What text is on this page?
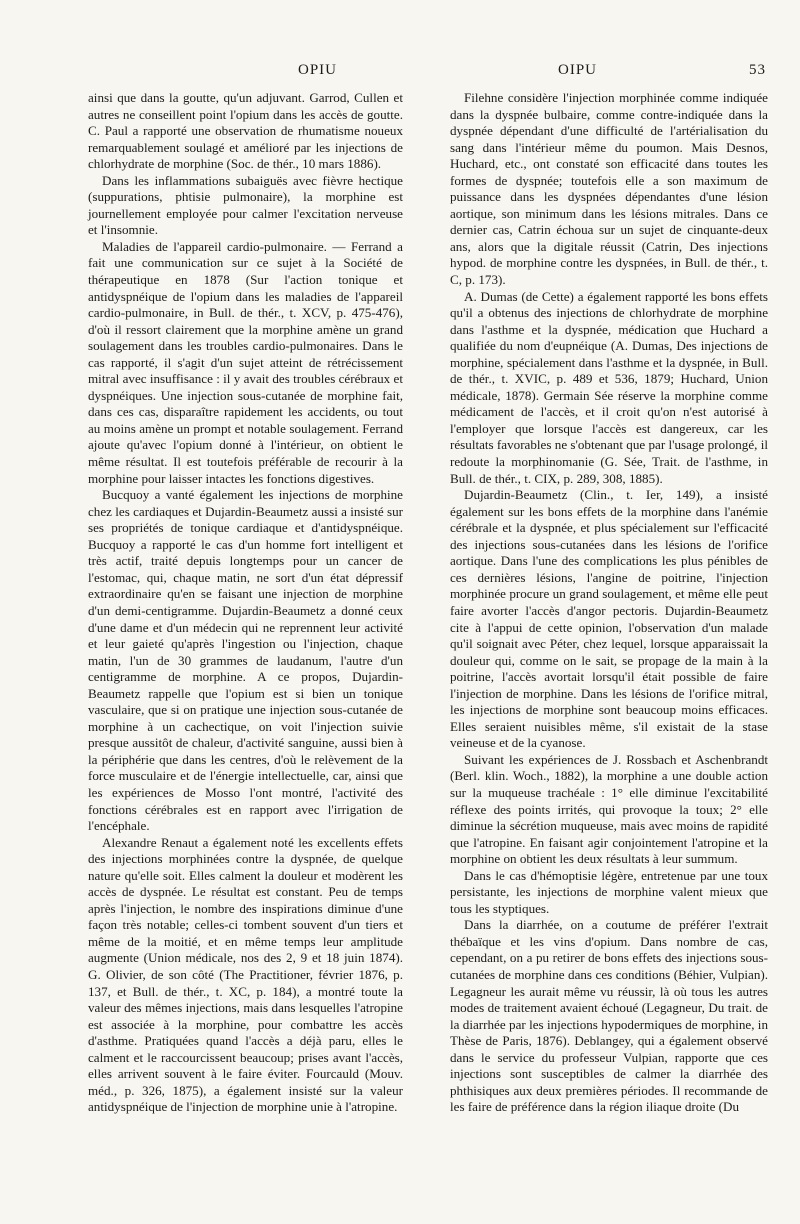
OPIU	OIPU	53

ainsi que dans la goutte, qu'un adjuvant. Garrod, Cullen et autres ne conseillent point l'opium dans les accès de goutte. C. Paul a rapporté une observation de rhumatisme noueux remarquablement soulagé et amélioré par les injections de chlorhydrate de morphine (Soc. de thér., 10 mars 1886).

Dans les inflammations subaiguës avec fièvre hectique (suppurations, phtisie pulmonaire), la morphine est journellement employée pour calmer l'excitation nerveuse et l'insomnie.

Maladies de l'appareil cardio-pulmonaire. — Ferrand a fait une communication sur ce sujet à la Société de thérapeutique en 1878 (Sur l'action tonique et antidyspnéique de l'opium dans les maladies de l'appareil cardio-pulmonaire, in Bull. de thér., t. XCV, p. 475-476), d'où il ressort clairement que la morphine amène un grand soulagement dans les troubles cardio-pulmonaires. Dans le cas rapporté, il s'agit d'un sujet atteint de rétrécissement mitral avec insuffisance : il y avait des troubles cérébraux et dyspnéiques. Une injection sous-cutanée de morphine fait, dans ces cas, disparaître rapidement les accidents, ou tout au moins amène un prompt et notable soulagement. Ferrand ajoute qu'avec l'opium donné à l'intérieur, on obtient le même résultat. Il est toutefois préférable de recourir à la morphine pour laisser intactes les fonctions digestives.

Bucquoy a vanté également les injections de morphine chez les cardiaques et Dujardin-Beaumetz aussi a insisté sur ses propriétés de tonique cardiaque et d'antidyspnéique. Bucquoy a rapporté le cas d'un homme fort intelligent et très actif, traité depuis longtemps pour un cancer de l'estomac, qui, chaque matin, ne sort d'un état dépressif extraordinaire qu'en se faisant une injection de morphine d'un demi-centigramme. Dujardin-Beaumetz a donné ceux d'une dame et d'un médecin qui ne reprennent leur activité et leur gaieté qu'après l'ingestion ou l'injection, chaque matin, l'un de 30 grammes de laudanum, l'autre d'un centigramme de morphine. A ce propos, Dujardin-Beaumetz rappelle que l'opium est si bien un tonique vasculaire, que si on pratique une injection sous-cutanée de morphine à un cachectique, on voit l'injection suivie presque aussitôt de chaleur, d'activité sanguine, aussi bien à la périphérie que dans les centres, d'où le relèvement de la force musculaire et de l'énergie intellectuelle, car, ainsi que les expériences de Mosso l'ont montré, l'activité des fonctions cérébrales est en rapport avec l'irrigation de l'encéphale.

Alexandre Renaut a également noté les excellents effets des injections morphinées contre la dyspnée, de quelque nature qu'elle soit. Elles calment la douleur et modèrent les accès de dyspnée. Le résultat est constant. Peu de temps après l'injection, le nombre des inspirations diminue d'une façon très notable; celles-ci tombent souvent d'un tiers et même de la moitié, et en même temps leur amplitude augmente (Union médicale, nos des 2, 9 et 18 juin 1874). G. Olivier, de son côté (The Practitioner, février 1876, p. 137, et Bull. de thér., t. XC, p. 184), a montré toute la valeur des mêmes injections, mais dans lesquelles l'atropine est associée à la morphine, pour combattre les accès d'asthme. Pratiquées quand l'accès a déjà paru, elles le calment et le raccourcissent beaucoup; prises avant l'accès, elles arrivent souvent à le faire éviter. Fourcauld (Mouv. méd., p. 326, 1875), a également insisté sur la valeur antidyspnéique de l'injection de morphine unie à l'atropine.

Filehne considère l'injection morphinée comme indiquée dans la dyspnée bulbaire, comme contre-indiquée dans la dyspnée dépendant d'une difficulté de l'artérialisation du sang dans l'intérieur même du poumon. Mais Desnos, Huchard, etc., ont constaté son efficacité dans toutes les formes de dyspnée; toutefois elle a son maximum de puissance dans les dyspnées dépendantes d'une lésion aortique, son minimum dans les lésions mitrales. Dans ce dernier cas, Catrin échoua sur un sujet de cinquante-deux ans, alors que la digitale réussit (Catrin, Des injections hypod. de morphine contre les dyspnées, in Bull. de thér., t. C, p. 173).

A. Dumas (de Cette) a également rapporté les bons effets qu'il a obtenus des injections de chlorhydrate de morphine dans l'asthme et la dyspnée, médication que Huchard a qualifiée du nom d'eupnéique (A. Dumas, Des injections de morphine, spécialement dans l'asthme et la dyspnée, in Bull. de thér., t. XVIC, p. 489 et 536, 1879; Huchard, Union médicale, 1878). Germain Sée réserve la morphine comme médicament de l'accès, et il croit qu'on n'est autorisé à l'employer que lorsque l'accès est dangereux, car les résultats favorables ne s'obtenant que par l'usage prolongé, il redoute la morphinomanie (G. Sée, Trait. de l'asthme, in Bull. de thér., t. CIX, p. 289, 308, 1885).

Dujardin-Beaumetz (Clin., t. Ier, 149), a insisté également sur les bons effets de la morphine dans l'anémie cérébrale et la dyspnée, et plus spécialement sur l'efficacité des injections sous-cutanées dans les lésions de l'orifice aortique. Dans l'une des complications les plus pénibles de ces dernières lésions, l'angine de poitrine, l'injection morphinée procure un grand soulagement, et même elle peut faire avorter l'accès d'angor pectoris. Dujardin-Beaumetz cite à l'appui de cette opinion, l'observation d'un malade qu'il soignait avec Péter, chez lequel, lorsque apparaissait la douleur qui, comme on le sait, se propage de la main à la poitrine, l'accès avortait lorsqu'il était possible de faire l'injection de morphine. Dans les lésions de l'orifice mitral, les injections de morphine sont beaucoup moins efficaces. Elles seraient nuisibles même, s'il existait de la stase veineuse et de la cyanose.

Suivant les expériences de J. Rossbach et Aschenbrandt (Berl. klin. Woch., 1882), la morphine a une double action sur la muqueuse trachéale : 1° elle diminue l'excitabilité réflexe des points irrités, qui provoque la toux; 2° elle diminue la sécrétion muqueuse, mais avec moins de rapidité que l'atropine. En faisant agir conjointement l'atropine et la morphine on obtient les deux résultats à leur summum.

Dans le cas d'hémoptisie légère, entretenue par une toux persistante, les injections de morphine valent mieux que tous les styptiques.

Dans la diarrhée, on a coutume de préférer l'extrait thébaïque et les vins d'opium. Dans nombre de cas, cependant, on a pu retirer de bons effets des injections sous-cutanées de morphine dans ces conditions (Béhier, Vulpian). Legagneur les aurait même vu réussir, là où tous les autres modes de traitement avaient échoué (Legagneur, Du trait. de la diarrhée par les injections hypodermiques de morphine, in Thèse de Paris, 1876). Deblangey, qui a également observé dans le service du professeur Vulpian, rapporte que ces injections sont susceptibles de calmer la diarrhée des phthisiques aux deux premières périodes. Il recommande de les faire de préférence dans la région iliaque droite (Du
